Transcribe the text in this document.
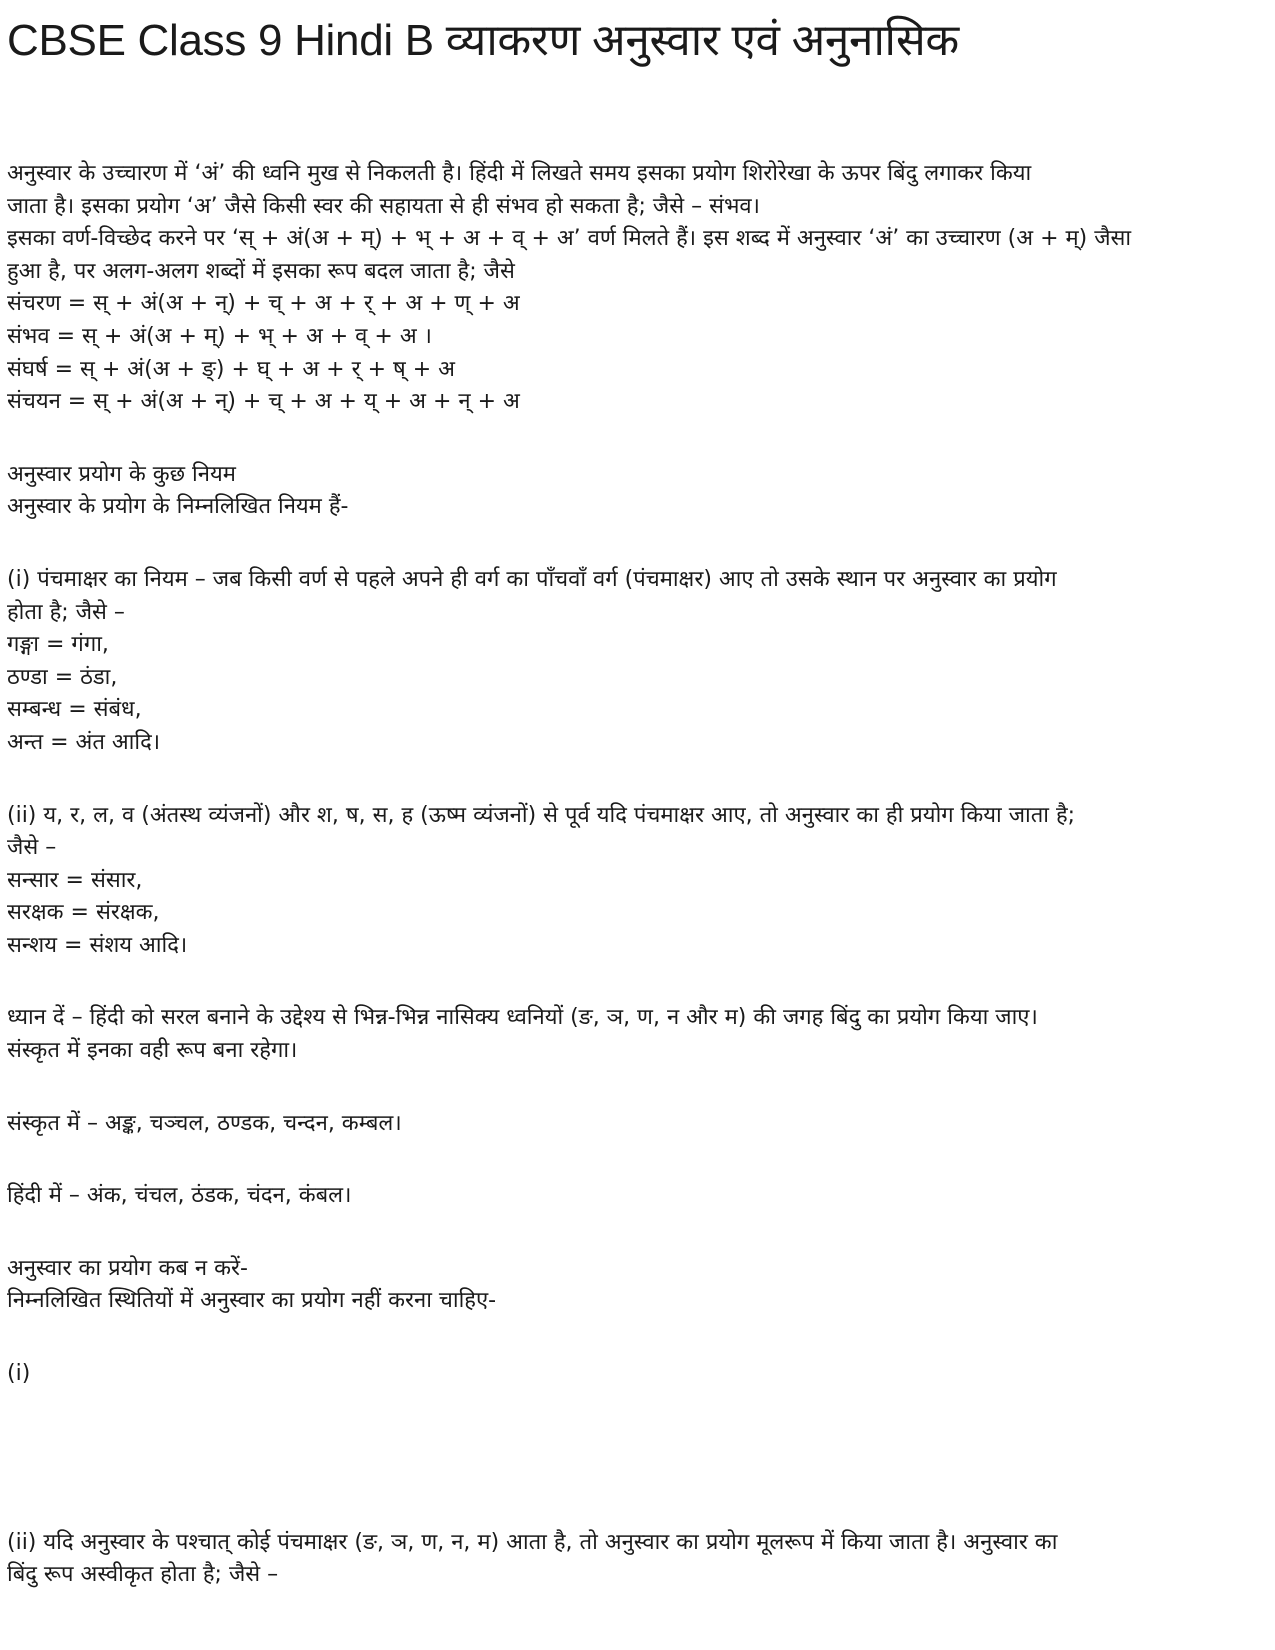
CBSE Class 9 Hindi B व्याकरण अनुस्वार एवं अनुनासिक
अनुस्वार के उच्चारण में ‘अं’ की ध्वनि मुख से निकलती है। हिंदी में लिखते समय इसका प्रयोग शिरोरेखा के ऊपर बिंदु लगाकर किया
जाता है। इसका प्रयोग ‘अ’ जैसे किसी स्वर की सहायता से ही संभव हो सकता है; जैसे – संभव।
इसका वर्ण-विच्छेद करने पर ‘स् + अं(अ + म्) + भ् + अ + व् + अ’ वर्ण मिलते हैं। इस शब्द में अनुस्वार ‘अं’ का उच्चारण (अ + म्) जैसा
हुआ है, पर अलग-अलग शब्दों में इसका रूप बदल जाता है; जैसे
संचरण = स् + अं(अ + न्) + च् + अ + र् + अ + ण् + अ
संभव = स् + अं(अ + म्) + भ् + अ + व् + अ ।
संघर्ष = स् + अं(अ + ङ्) + घ् + अ + र् + ष् + अ
संचयन = स् + अं(अ + न्) + च् + अ + य् + अ + न् + अ
अनुस्वार प्रयोग के कुछ नियम
अनुस्वार के प्रयोग के निम्नलिखित नियम हैं-
(i) पंचमाक्षर का नियम – जब किसी वर्ण से पहले अपने ही वर्ग का पाँचवाँ वर्ग (पंचमाक्षर) आए तो उसके स्थान पर अनुस्वार का प्रयोग
होता है; जैसे –
गङ्गा = गंगा,
ठण्डा = ठंडा,
सम्बन्ध = संबंध,
अन्त = अंत आदि।
(ii) य, र, ल, व (अंतस्थ व्यंजनों) और श, ष, स, ह (ऊष्म व्यंजनों) से पूर्व यदि पंचमाक्षर आए, तो अनुस्वार का ही प्रयोग किया जाता है;
जैसे –
सन्सार = संसार,
सरक्षक = संरक्षक,
सन्शय = संशय आदि।
ध्यान दें – हिंदी को सरल बनाने के उद्देश्य से भिन्न-भिन्न नासिक्य ध्वनियों (ङ, ञ, ण, न और म) की जगह बिंदु का प्रयोग किया जाए।
संस्कृत में इनका वही रूप बना रहेगा।
संस्कृत में – अङ्क, चञ्चल, ठण्डक, चन्दन, कम्बल।
हिंदी में – अंक, चंचल, ठंडक, चंदन, कंबल।
अनुस्वार का प्रयोग कब न करें-
निम्नलिखित स्थितियों में अनुस्वार का प्रयोग नहीं करना चाहिए-
(i)
(ii) यदि अनुस्वार के पश्चात् कोई पंचमाक्षर (ङ, ञ, ण, न, म) आता है, तो अनुस्वार का प्रयोग मूलरूप में किया जाता है। अनुस्वार का
बिंदु रूप अस्वीकृत होता है; जैसे –
